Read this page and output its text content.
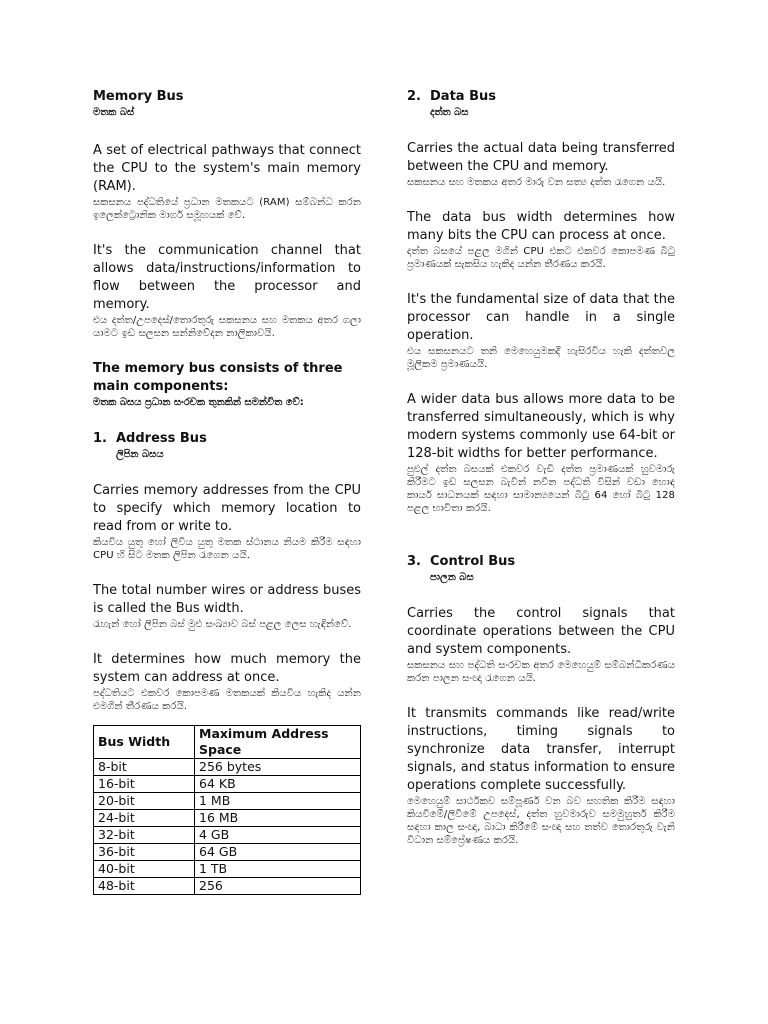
Memory Bus

මතක බස්

A set of electrical pathways that connect the CPU to the system's main memory (RAM).

සකසනය පද්ධතියේ ප්‍රධාන මතකයට (RAM) සම්බන්ධ කරන ඉලෙක්ට්‍රොනික මාර්ග සමූහයක් වේ.

It's the communication channel that allows data/instructions/information to flow between the processor and memory.

එය දත්ත/උපදෙස්/තොරතුරු සකසනය සහ මතකය අතර ගලා යාමට ඉඩ සලසන සන්නිවේදන නාලිකාවයි.

The memory bus consists of three main components:

මතක බසය ප්‍රධාන සංරචක තුනකින් සමන්විත වේ:

1. Address Bus

ලිපින බසය

Carries memory addresses from the CPU to specify which memory location to read from or write to.

කියවිය යුතු හෝ ලිවිය යුතු මතක ස්ථානය නියම කිරීම සඳහා CPU හි සිට මතක ලිපින රැගෙන යයි.

The total number wires or address buses is called the Bus width.

රැහැන් හෝ ලිපින බස් මුළු සංඛ්‍යාව බස් පළල ලෙස හැඳින්වේ.

It determines how much memory the system can address at once.

පද්ධතියට එකවර කොපමණ මතකයක් කියවිය හැකිද යන්න එමගින් තීරණය කරයි.

Bus Width	Maximum Address Space
8-bit	256 bytes
16-bit	64 KB
20-bit	1 MB
24-bit	16 MB
32-bit	4 GB
36-bit	64 GB
40-bit	1 TB
48-bit	256
2. Data Bus

දත්ත බස

Carries the actual data being transferred between the CPU and memory.

සකසනය සහ මතකය අතර මාරු වන සත්‍ය දත්ත රැගෙන යයි.

The data bus width determines how many bits the CPU can process at once.

දත්ත බසයේ පළල මගින් CPU එකට එකවර කොපමණ බිටු ප්‍රමාණයක් සැකසිය හැකිද යන්න තීරණය කරයි.

It's the fundamental size of data that the processor can handle in a single operation.

එය සකසනයට තනි මෙහෙයුමකදී හැසිරවිය හැකි දත්තවල මූලිකම ප්‍රමාණයයි.

A wider data bus allows more data to be transferred simultaneously, which is why modern systems commonly use 64-bit or 128-bit widths for better performance.

පුළුල් දත්ත බසයක් එකවර වැඩි දත්ත ප්‍රමාණයක් හුවමාරු කිරීමට ඉඩ සලසන බැවින් නවීන පද්ධති විසින් වඩා හොඳ කාර්ය සාධනයක් සඳහා සාමාන්‍යයෙන් බිටු 64 හෝ බිටු 128 පළල භාවිතා කරයි.

3. Control Bus

පාලන බස

Carries the control signals that coordinate operations between the CPU and system components.

සකසනය සහ පද්ධති සංරචක අතර මෙහෙයුම් සම්බන්ධීකරණය කරන පාලන සංඥා රැගෙන යයි.

It transmits commands like read/write instructions, timing signals to synchronize data transfer, interrupt signals, and status information to ensure operations complete successfully.

මෙහෙයුම් සාර්ථකව සම්පූර්ණ වන බව සහතික කිරීම සඳහා කියවීමේ/ලිවීමේ උපදෙස්, දත්ත හුවමාරුව සමමුහුර්ත කිරීම සඳහා කාල සංඥා, බාධා කිරීමේ සංඥා සහ තත්ව තොරතුරු වැනි විධාන සම්ප්‍රේෂණය කරයි.
